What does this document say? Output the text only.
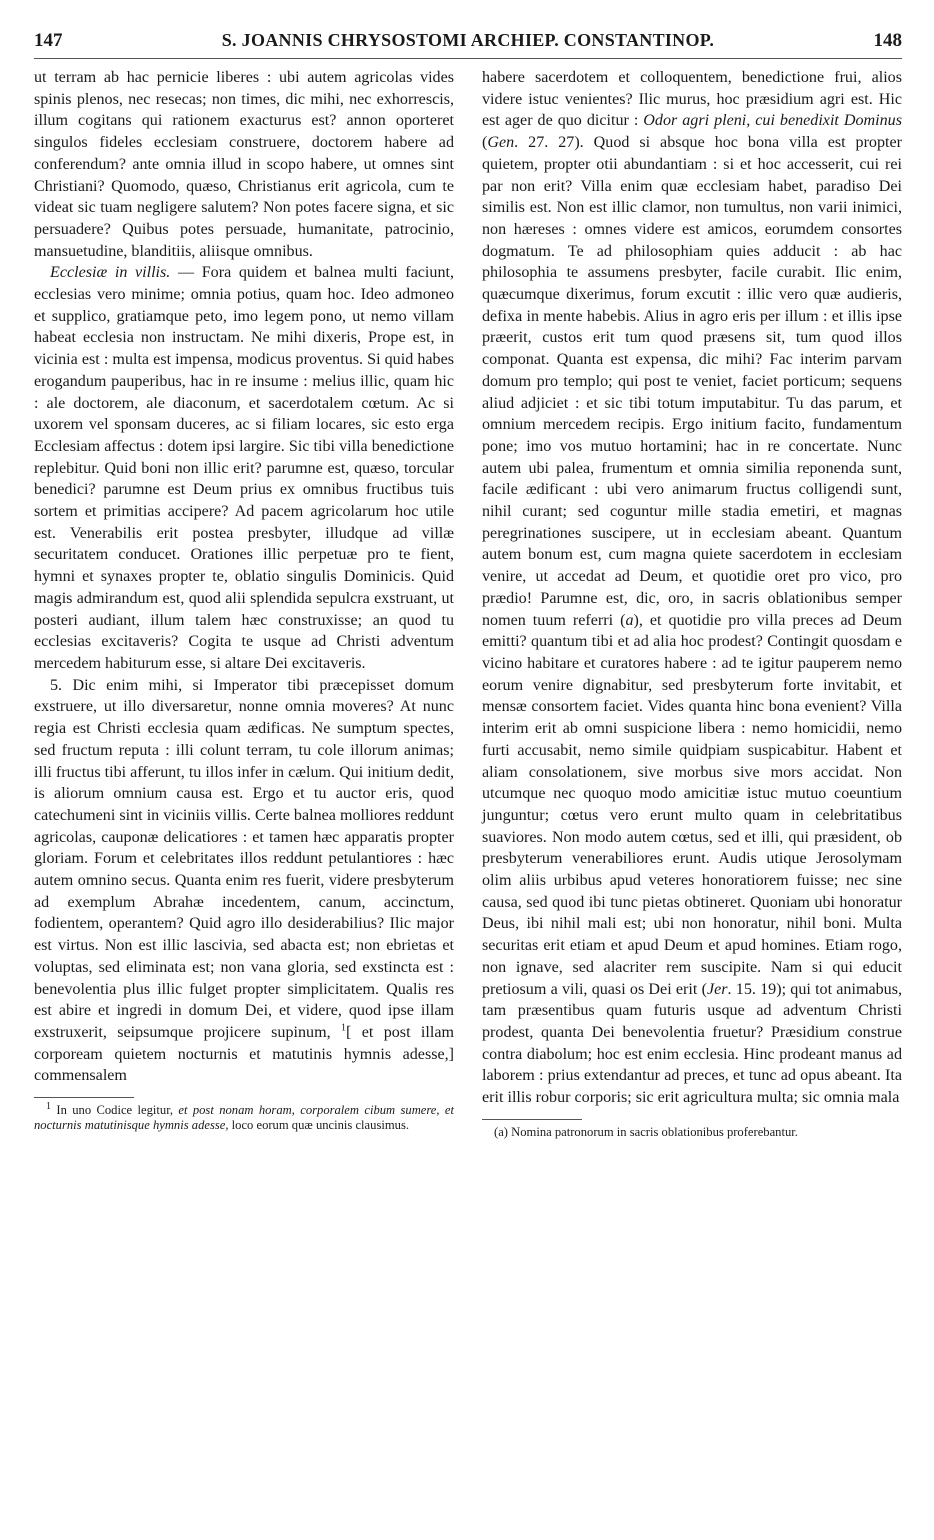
147	S. JOANNIS CHRYSOSTOMI ARCHIEP. CONSTANTINOP.	148

ut terram ab hac pernicie liberes : ubi autem agricolas vides spinis plenos, nec resecas; non times, dic mihi, nec exhorrescis, illum cogitans qui rationem exacturus est? annon oporteret singulos fideles ecclesiam construere, doctorem habere ad conferendum? ante omnia illud in scopo habere, ut omnes sint Christiani? Quomodo, quæso, Christianus erit agricola, cum te videat sic tuam negligere salutem? Non potes facere signa, et sic persuadere? Quibus potes persuade, humanitate, patrocinio, mansuetudine, blanditiis, aliisque omnibus.

Ecclesiæ in villis. — Fora quidem et balnea multi faciunt, ecclesias vero minime; omnia potius, quam hoc. Ideo admoneo et supplico, gratiamque peto, imo legem pono, ut nemo villam habeat ecclesia non instructam. Ne mihi dixeris, Prope est, in vicinia est : multa est impensa, modicus proventus. Si quid habes erogandum pauperibus, hac in re insume : melius illic, quam hic : ale doctorem, ale diaconum, et sacerdotalem cœtum. Ac si uxorem vel sponsam duceres, ac si filiam locares, sic esto erga Ecclesiam affectus : dotem ipsi largire. Sic tibi villa benedictione replebitur. Quid boni non illic erit? parumne est, quæso, torcular benedici? parumne est Deum prius ex omnibus fructibus tuis sortem et primitias accipere? Ad pacem agricolarum hoc utile est. Venerabilis erit postea presbyter, illudque ad villæ securitatem conducet. Orationes illic perpetuæ pro te fient, hymni et synaxes propter te, oblatio singulis Dominicis. Quid magis admirandum est, quod alii splendida sepulcra exstruant, ut posteri audiant, illum talem hæc construxisse; an quod tu ecclesias excitaveris? Cogita te usque ad Christi adventum mercedem habiturum esse, si altare Dei excitaveris.

5. Dic enim mihi, si Imperator tibi præcepisset domum exstruere, ut illo diversaretur, nonne omnia moveres? At nunc regia est Christi ecclesia quam ædificas. Ne sumptum spectes, sed fructum reputa : illi colunt terram, tu cole illorum animas; illi fructus tibi afferunt, tu illos infer in cælum. Qui initium dedit, is aliorum omnium causa est. Ergo et tu auctor eris, quod catechumeni sint in viciniis villis. Certe balnea molliores reddunt agricolas, cauponæ delicatiores : et tamen hæc apparatis propter gloriam. Forum et celebritates illos reddunt petulantiores : hæc autem omnino secus. Quanta enim res fuerit, videre presbyterum ad exemplum Abrahæ incedentem, canum, accinctum, fodientem, operantem? Quid agro illo desiderabilius? Ilic major est virtus. Non est illic lascivia, sed abacta est; non ebrietas et voluptas, sed eliminata est; non vana gloria, sed exstincta est : benevolentia plus illic fulget propter simplicitatem. Qualis res est abire et ingredi in domum Dei, et videre, quod ipse illam exstruxerit, seipsumque projicere supinum, $^1$[ et post illam corpoream quietem nocturnis et matutinis hymnis adesse,] commensalem

$^1$ In uno Codice legitur, et post nonam horam, corporalem cibum sumere, et nocturnis matutinisque hymnis adesse, loco eorum quæ uncinis clausimus.

habere sacerdotem et colloquentem, benedictione frui, alios videre istuc venientes? Ilic murus, hoc præsidium agri est. Hic est ager de quo dicitur : Odor agri pleni, cui benedixit Dominus (Gen. 27. 27). Quod si absque hoc bona villa est propter quietem, propter otii abundantiam : si et hoc accesserit, cui rei par non erit? Villa enim quæ ecclesiam habet, paradiso Dei similis est. Non est illic clamor, non tumultus, non varii inimici, non hæreses : omnes videre est amicos, eorumdem consortes dogmatum. Te ad philosophiam quies adducit : ab hac philosophia te assumens presbyter, facile curabit. Ilic enim, quæcumque dixerimus, forum excutit : illic vero quæ audieris, defixa in mente habebis. Alius in agro eris per illum : et illis ipse præerit, custos erit tum quod præsens sit, tum quod illos componat. Quanta est expensa, dic mihi? Fac interim parvam domum pro templo; qui post te veniet, faciet porticum; sequens aliud adjiciet : et sic tibi totum imputabitur. Tu das parum, et omnium mercedem recipis. Ergo initium facito, fundamentum pone; imo vos mutuo hortamini; hac in re concertate. Nunc autem ubi palea, frumentum et omnia similia reponenda sunt, facile ædificant : ubi vero animarum fructus colligendi sunt, nihil curant; sed coguntur mille stadia emetiri, et magnas peregrinationes suscipere, ut in ecclesiam abeant. Quantum autem bonum est, cum magna quiete sacerdotem in ecclesiam venire, ut accedat ad Deum, et quotidie oret pro vico, pro prædio! Parumne est, dic, oro, in sacris oblationibus semper nomen tuum referri (a), et quotidie pro villa preces ad Deum emitti? quantum tibi et ad alia hoc prodest? Contingit quosdam e vicino habitare et curatores habere : ad te igitur pauperem nemo eorum venire dignabitur, sed presbyterum forte invitabit, et mensæ consortem faciet. Vides quanta hinc bona evenient? Villa interim erit ab omni suspicione libera : nemo homicidii, nemo furti accusabit, nemo simile quidpiam suspicabitur. Habent et aliam consolationem, sive morbus sive mors accidat. Non utcumque nec quoquo modo amicitiæ istuc mutuo coeuntium junguntur; cœtus vero erunt multo quam in celebritatibus suaviores. Non modo autem cœtus, sed et illi, qui præsident, ob presbyterum venerabiliores erunt. Audis utique Jerosolymam olim aliis urbibus apud veteres honoratiorem fuisse; nec sine causa, sed quod ibi tunc pietas obtineret. Quoniam ubi honoratur Deus, ibi nihil mali est; ubi non honoratur, nihil boni. Multa securitas erit etiam et apud Deum et apud homines. Etiam rogo, non ignave, sed alacriter rem suscipite. Nam si qui educit pretiosum a vili, quasi os Dei erit (Jer. 15. 19); qui tot animabus, tam præsentibus quam futuris usque ad adventum Christi prodest, quanta Dei benevolentia fruetur? Præsidium construe contra diabolum; hoc est enim ecclesia. Hinc prodeant manus ad laborem : prius extendantur ad preces, et tunc ad opus abeant. Ita erit illis robur corporis; sic erit agricultura multa; sic omnia mala

(a) Nomina patronorum in sacris oblationibus proferebantur.
